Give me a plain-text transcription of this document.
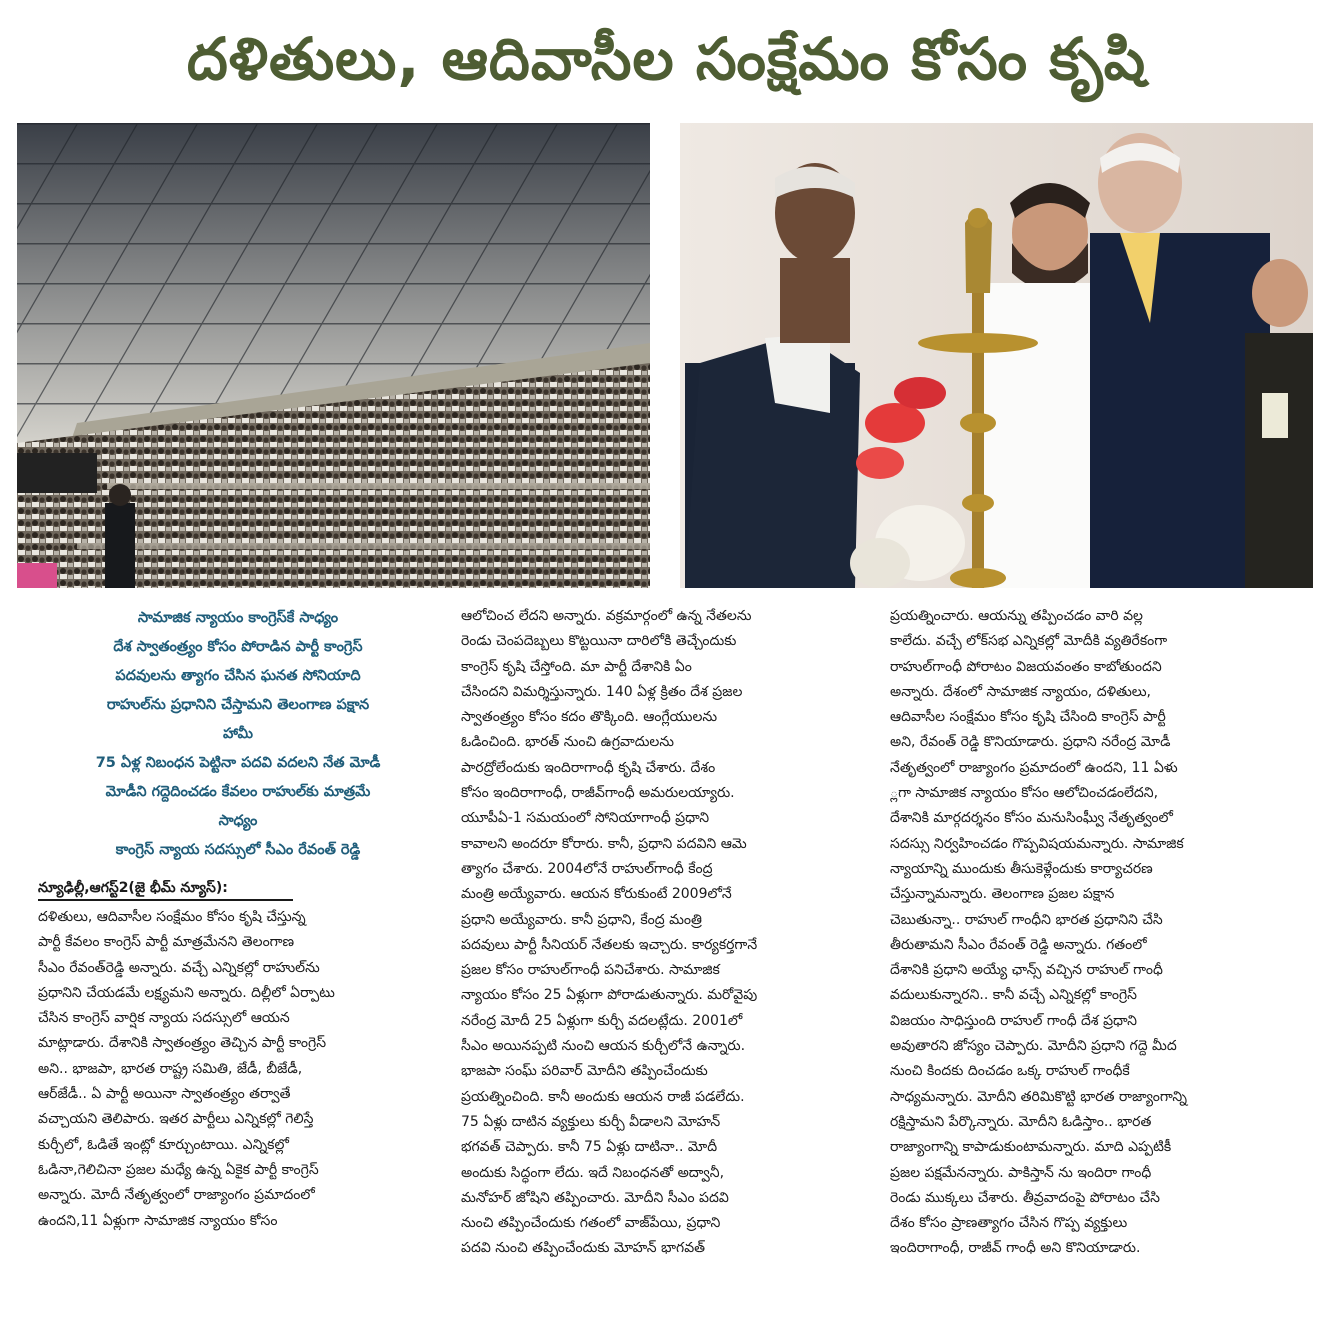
దళితులు, ఆదివాసీల సంక్షేమం కోసం కృషి
సామాజిక న్యాయం కాంగ్రెస్‌కే సాధ్యం
దేశ స్వాతంత్ర్యం కోసం పోరాడిన పార్టీ కాంగ్రెస్
పదవులను త్యాగం చేసిన ఘనత సోనియాది
రాహుల్‌ను ప్రధానిని చేస్తామని తెలంగాణ పక్షాన
హామీ
75 ఏళ్ల నిబంధన పెట్టినా పదవి వదలని నేత మోడీ
మోడీని గద్దెదించడం కేవలం రాహుల్‌కు మాత్రమే
సాధ్యం
కాంగ్రెస్ న్యాయ సదస్సులో సీఎం రేవంత్ రెడ్డి
న్యూఢిల్లీ,ఆగస్ట్2(జై భీమ్ న్యూస్):
దళితులు, ఆదివాసీల సంక్షేమం కోసం కృషి చేస్తున్న
పార్టీ కేవలం కాంగ్రెస్ పార్టీ మాత్రమేనని తెలంగాణ
సీఎం రేవంత్‌రెడ్డి అన్నారు. వచ్చే ఎన్నికల్లో రాహుల్‌ను
ప్రధానిని చేయడమే లక్ష్యమని అన్నారు. దిల్లీలో ఏర్పాటు
చేసిన కాంగ్రెస్ వార్షిక న్యాయ సదస్సులో ఆయన
మాట్లాడారు. దేశానికి స్వాతంత్ర్యం తెచ్చిన పార్టీ కాంగ్రెస్
అని.. భాజపా, భారత రాష్ట్ర సమితి, జేడీ, బీజేడీ,
ఆర్‌జేడీ.. ఏ పార్టీ అయినా స్వాతంత్ర్యం తర్వాతే
వచ్చాయని తెలిపారు. ఇతర పార్టీలు ఎన్నికల్లో గెలిస్తే
కుర్చీలో, ఓడితే ఇంట్లో కూర్చుంటాయి. ఎన్నికల్లో
ఓడినా,గెలిచినా ప్రజల మధ్యే ఉన్న ఏకైక పార్టీ కాంగ్రెస్
అన్నారు. మోదీ నేతృత్వంలో రాజ్యాంగం ప్రమాదంలో
ఉందని,11 ఏళ్లుగా సామాజిక న్యాయం కోసం
ఆలోచించ లేదని అన్నారు. వక్రమార్గంలో ఉన్న నేతలను
రెండు చెంపదెబ్బలు కొట్టయినా దారిలోకి తెచ్చేందుకు
కాంగ్రెస్ కృషి చేస్తోంది. మా పార్టీ దేశానికి ఏం
చేసిందని విమర్శిస్తున్నారు. 140 ఏళ్ల క్రితం దేశ ప్రజల
స్వాతంత్ర్యం కోసం కదం తొక్కింది. ఆంగ్లేయులను
ఓడించింది. భారత్ నుంచి ఉగ్రవాదులను
పారద్రోలేందుకు ఇందిరాగాంధీ కృషి చేశారు. దేశం
కోసం ఇందిరాగాంధీ, రాజీవ్‌గాంధీ అమరులయ్యారు.
యూపీఏ-1 సమయంలో సోనియాగాంధీ ప్రధాని
కావాలని అందరూ కోరారు. కానీ, ప్రధాని పదవిని ఆమె
త్యాగం చేశారు. 2004లోనే రాహుల్‌గాంధీ కేంద్ర
మంత్రి అయ్యేవారు. ఆయన కోరుకుంటే 2009లోనే
ప్రధాని అయ్యేవారు. కానీ ప్రధాని, కేంద్ర మంత్రి
పదవులు పార్టీ సీనియర్ నేతలకు ఇచ్చారు. కార్యకర్తగానే
ప్రజల కోసం రాహుల్‌గాంధీ పనిచేశారు. సామాజిక
న్యాయం కోసం 25 ఏళ్లుగా పోరాడుతున్నారు. మరోవైపు
నరేంద్ర మోదీ 25 ఏళ్లుగా కుర్చీ వదలట్లేదు. 2001లో
సీఎం అయినప్పటి నుంచి ఆయన కుర్చీలోనే ఉన్నారు.
భాజపా సంఘ్ పరివార్ మోదీని తప్పించేందుకు
ప్రయత్నించింది. కానీ అందుకు ఆయన రాజీ పడలేదు.
75 ఏళ్లు దాటిన వ్యక్తులు కుర్చీ వీడాలని మోహన్
భగవత్ చెప్పారు. కానీ 75 ఏళ్లు దాటినా.. మోదీ
అందుకు సిద్ధంగా లేదు. ఇదే నిబంధనతో అద్వానీ,
మనోహర్ జోషిని తప్పించారు. మోదీని సీఎం పదవి
నుంచి తప్పించేందుకు గతంలో వాజ్‌పేయి, ప్రధాని
పదవి నుంచి తప్పించేందుకు మోహన్ భాగవత్
ప్రయత్నించారు. ఆయన్ను తప్పించడం వారి వల్ల
కాలేదు. వచ్చే లోక్‌సభ ఎన్నికల్లో మోదీకి వ్యతిరేకంగా
రాహుల్‌గాంధీ పోరాటం విజయవంతం కాబోతుందని
అన్నారు. దేశంలో సామాజిక న్యాయం, దళితులు,
ఆదివాసీల సంక్షేమం కోసం కృషి చేసింది కాంగ్రెస్ పార్టీ
అని, రేవంత్ రెడ్డి కొనియాడారు. ప్రధాని నరేంద్ర మోడీ
నేతృత్వంలో రాజ్యాంగం ప్రమాదంలో ఉందని, 11 ఏళు
్లగా సామాజిక న్యాయం కోసం ఆలోచించడంలేదని,
దేశానికి మార్గదర్శనం కోసం మనుసింఘ్వీ నేతృత్వంలో
సదస్సు నిర్వహించడం గొప్పవిషయమన్నారు. సామాజిక
న్యాయాన్ని ముందుకు తీసుకెళ్లేందుకు కార్యాచరణ
చేస్తున్నామన్నారు. తెలంగాణ ప్రజల పక్షాన
చెబుతున్నా.. రాహుల్ గాంధీని భారత ప్రధానిని చేసి
తీరుతామని సీఎం రేవంత్ రెడ్డి అన్నారు. గతంలో
దేశానికి ప్రధాని అయ్యే ఛాన్స్ వచ్చిన రాహుల్ గాంధీ
వదులుకున్నారని.. కానీ వచ్చే ఎన్నికల్లో కాంగ్రెస్
విజయం సాధిస్తుంది రాహుల్ గాంధీ దేశ ప్రధాని
అవుతారని జోస్యం చెప్పారు. మోదీని ప్రధాని గద్దె మీద
నుంచి కిందకు దించడం ఒక్క రాహుల్ గాంధీకే
సాధ్యమన్నారు. మోదీని తరిమికొట్టి భారత రాజ్యాంగాన్ని
రక్షిస్తామని పేర్కొన్నారు. మోదీని ఓడిస్తాం.. భారత
రాజ్యాంగాన్ని కాపాడుకుంటామన్నారు. మాది ఎప్పటికీ
ప్రజల పక్షమేనన్నారు. పాకిస్తాన్ ను ఇందిరా గాంధీ
రెండు ముక్కలు చేశారు. తీవ్రవాదంపై పోరాటం చేసి
దేశం కోసం ప్రాణత్యాగం చేసిన గొప్ప వ్యక్తులు
ఇందిరాగాంధీ, రాజీవ్ గాంధీ అని కొనియాడారు.
